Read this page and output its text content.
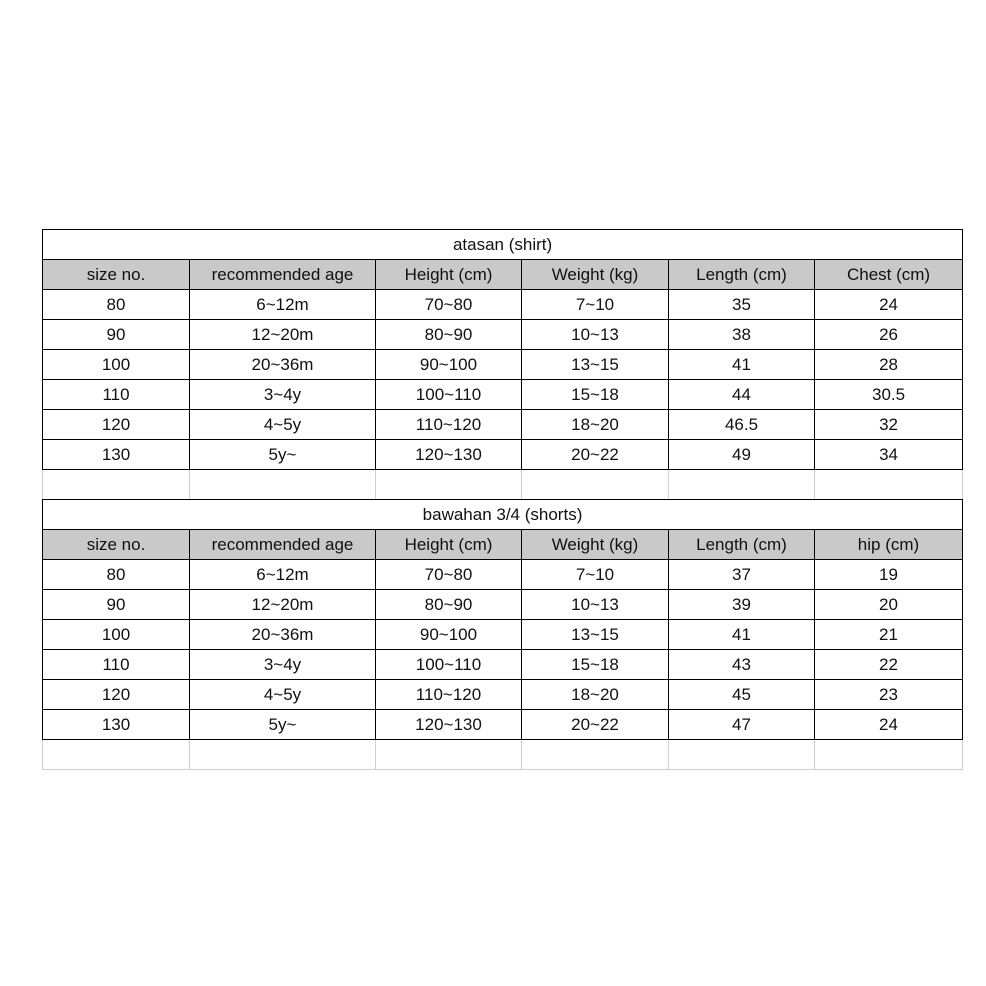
atasan (shirt)					
size no.	recommended age	Height (cm)	Weight (kg)	Length (cm)	Chest (cm)
80	6~12m	70~80	7~10	35	24
90	12~20m	80~90	10~13	38	26
100	20~36m	90~100	13~15	41	28
110	3~4y	100~110	15~18	44	30.5
120	4~5y	110~120	18~20	46.5	32
130	5y~	120~130	20~22	49	34

bawahan 3/4 (shorts)					
size no.	recommended age	Height (cm)	Weight (kg)	Length (cm)	hip (cm)
80	6~12m	70~80	7~10	37	19
90	12~20m	80~90	10~13	39	20
100	20~36m	90~100	13~15	41	21
110	3~4y	100~110	15~18	43	22
120	4~5y	110~120	18~20	45	23
130	5y~	120~130	20~22	47	24
